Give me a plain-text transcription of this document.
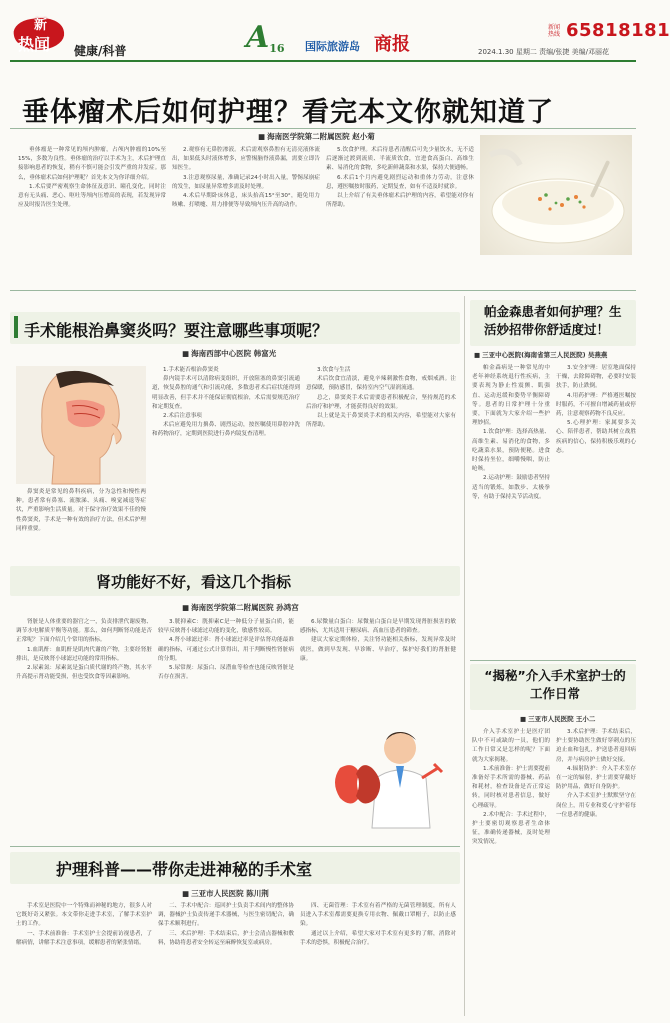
新
热闻 健康/科普	A16 国际旅游岛 商报
新闻热线 65818181
2024.1.30 星期二 责编/张捷 美编/邓丽花
垂体瘤术后如何护理？看完本文你就知道了
■ 海南医学院第二附属医院 赵小菊

垂体瘤是一种常见的颅内肿瘤，占颅内肿瘤的10%至15%，多数为良性。垂体瘤的治疗以手术为主，术后护理直接影响患者的恢复，稍有不慎可能会引发严重的并发症。那么，垂体瘤术后如何护理呢？首先本文为你详细介绍。

1.术后要严密观察生命体征及意识、瞳孔变化，同时注意有无头痛、恶心、呕吐等颅内压增高的表现，若发现异常应及时报告医生处理。

2.观察有无鼻腔渗液。术后需观察鼻腔有无清亮液体流出，如果低头时液体增多，应警惕脑脊液鼻漏，需要立即告知医生。

3.注意观察尿量，准确记录24小时出入量，警惕尿崩症的发生，如尿量异常增多需及时处理。

4.术后早期卧床休息，床头抬高15°至30°，避免用力咳嗽、打喷嚏、用力排便等导致颅内压升高的动作。

5.饮食护理。术后待患者清醒后可先少量饮水，无不适后逐渐过渡到流质、半流质饮食，宜进食高蛋白、高维生素、易消化的食物，多吃新鲜蔬菜和水果，保持大便通畅。

6.术后1个月内避免剧烈运动和重体力劳动，注意休息，遵医嘱按时服药，定期复查，如有不适及时就诊。

以上介绍了有关垂体瘤术后护理的内容，希望能对你有所帮助。

手术能根治鼻窦炎吗？要注意哪些事项呢？
■ 海南西部中心医院 韩富光

鼻窦炎是常见的鼻科疾病，分为急性和慢性两种。患者常有鼻塞、流脓涕、头痛、嗅觉减退等症状，严重影响生活质量。对于保守治疗效果不佳的慢性鼻窦炎，手术是一种有效的治疗方法，但术后护理同样重要。

1.手术能否根治鼻窦炎

鼻内镜手术可以清除病变组织，开放阻塞的鼻窦引流通道，恢复鼻腔的通气和引流功能，多数患者术后症状能得到明显改善，但手术并不能保证彻底根治，术后需要规范治疗和定期复查。

2.术后注意事项

术后应避免用力擤鼻、剧烈运动，按医嘱使用鼻腔冲洗和药物治疗，定期到医院进行鼻内镜复查清理。

3.饮食与生活

术后饮食宜清淡，避免辛辣刺激性食物，戒烟戒酒。注意保暖，预防感冒，保持室内空气湿润流通。

总之，鼻窦炎手术后需要患者积极配合，坚持规范的术后治疗和护理，才能获得良好的效果。

以上就是关于鼻窦炎手术的相关内容，希望能对大家有所帮助。

帕金森患者如何护理？生活妙招带你舒适度过！
■ 三亚中心医院(海南省第三人民医院) 吴燕燕

帕金森病是一种常见的中老年神经系统退行性疾病，主要表现为静止性震颤、肌强直、运动迟缓和姿势平衡障碍等。患者的日常护理十分重要，下面就为大家介绍一些护理妙招。

1.饮食护理：选择高热量、高维生素、易消化的食物，多吃蔬菜水果，预防便秘。进食时保持坐位，细嚼慢咽，防止呛咳。

2.运动护理：鼓励患者坚持适当的锻炼，如散步、太极拳等，有助于保持关节活动度。

3.安全护理：居室地面保持干燥，去除障碍物，必要时安装扶手，防止跌倒。

4.用药护理：严格遵医嘱按时服药，不可擅自增减药量或停药，注意观察药物不良反应。

5.心理护理：家属要多关心、陪伴患者，帮助其树立战胜疾病的信心，保持积极乐观的心态。

肾功能好不好，看这几个指标
■ 海南医学院第二附属医院 孙鸿宫

肾脏是人体重要的器官之一，负责排泄代谢废物、调节水电解质平衡等功能。那么，如何判断肾功能是否正常呢？下面介绍几个常用的指标。

1.血肌酐：血肌酐是肌肉代谢的产物，主要经肾脏排出，是反映肾小球滤过功能的常用指标。

2.尿素氮：尿素氮是蛋白质代谢的终产物，其水平升高提示肾功能受损，但也受饮食等因素影响。

3.胱抑素C：胱抑素C是一种低分子量蛋白质，能较早反映肾小球滤过功能的变化，敏感性较高。

4.肾小球滤过率：肾小球滤过率是评估肾功能最准确的指标，可通过公式计算得出，用于判断慢性肾脏病的分期。

5.尿常规：尿蛋白、尿潜血等检查也能反映肾脏是否存在损害。

6.尿微量白蛋白：尿微量白蛋白是早期发现肾脏损害的敏感指标，尤其适用于糖尿病、高血压患者的筛查。

建议大家定期体检，关注肾功能相关指标，发现异常及时就医，做到早发现、早诊断、早治疗，保护好我们的肾脏健康。

“揭秘”介入手术室护士的工作日常
■ 三亚市人民医院 王小二

介入手术室护士是医疗团队中不可或缺的一员，他们的工作日常又是怎样的呢？下面就为大家揭秘。

1.术前准备：护士需要提前准备好手术所需的器械、药品和耗材，检查设备是否正常运转，同时核对患者信息，做好心理疏导。

2.术中配合：手术过程中，护士要密切观察患者生命体征，准确传递器械，及时处理突发情况。

3.术后护理：手术结束后，护士要协助医生做好穿刺点的压迫止血和包扎，护送患者返回病房，并与病房护士做好交接。

4.辐射防护：介入手术室存在一定的辐射，护士需要穿戴好防护用品，做好自身防护。

介入手术室护士默默坚守在岗位上，用专业和爱心守护着每一位患者的健康。

护理科普——带你走进神秘的手术室
■ 三亚市人民医院 陈川荆

手术室是医院中一个特殊而神秘的地方，很多人对它既好奇又紧张。本文带你走进手术室，了解手术室护士的工作。

一、手术前准备：手术室护士会提前访视患者，了解病情，讲解手术注意事项，缓解患者的紧张情绪。

二、手术中配合：巡回护士负责手术间内的整体协调，器械护士负责传递手术器械，与医生密切配合，确保手术顺利进行。

三、术后护理：手术结束后，护士会清点器械和敷料，协助将患者安全转运至麻醉恢复室或病房。

四、无菌管理：手术室有着严格的无菌管理制度，所有人员进入手术室都需要更换专用衣物、佩戴口罩帽子，以防止感染。

通过以上介绍，希望大家对手术室有更多的了解，消除对手术的恐惧，积极配合治疗。
